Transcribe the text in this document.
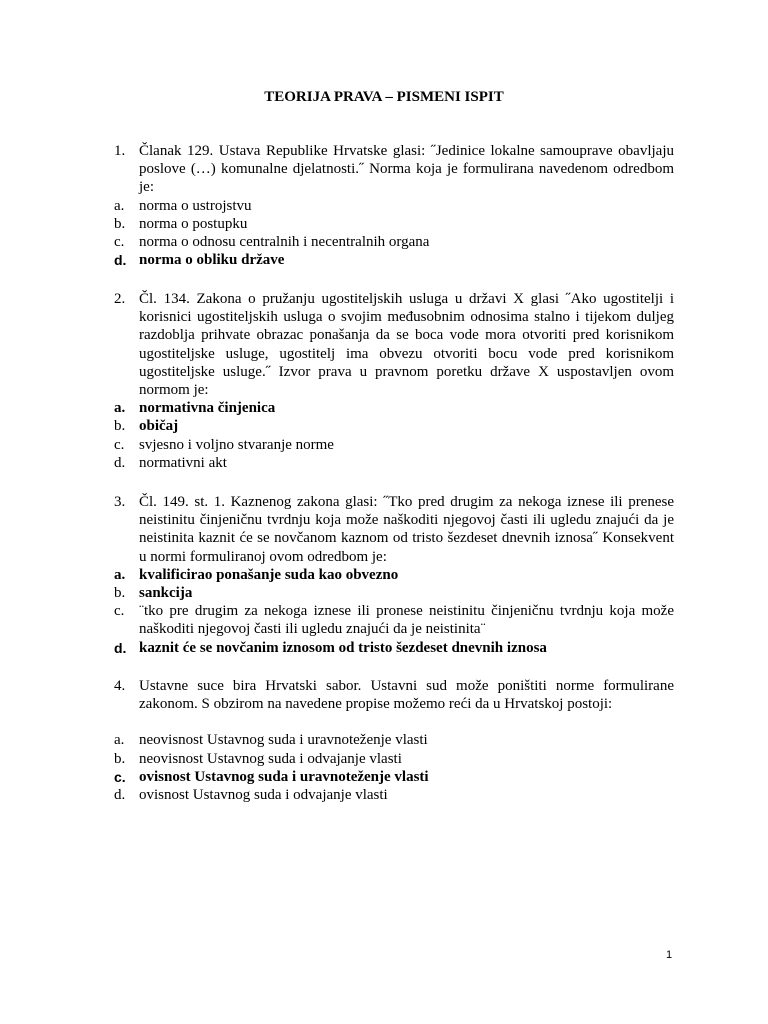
TEORIJA PRAVA – PISMENI ISPIT
1. Članak 129. Ustava Republike Hrvatske glasi: ˝Jedinice lokalne samouprave obavljaju poslove (…) komunalne djelatnosti.˝ Norma koja je formulirana navedenom odredbom je:
a. norma o ustrojstvu
b. norma o postupku
c. norma o odnosu centralnih i necentralnih organa
d. norma o obliku države
2. Čl. 134. Zakona o pružanju ugostiteljskih usluga u državi X glasi ˝Ako ugostitelji i korisnici ugostiteljskih usluga o svojim međusobnim odnosima stalno i tijekom duljeg razdoblja prihvate obrazac ponašanja da se boca vode mora otvoriti pred korisnikom ugostiteljske usluge, ugostitelj ima obvezu otvoriti bocu vode pred korisnikom ugostiteljske usluge.˝ Izvor prava u pravnom poretku države X uspostavljen ovom normom je:
a. normativna činjenica
b. običaj
c. svjesno i voljno stvaranje norme
d. normativni akt
3. Čl. 149. st. 1. Kaznenog zakona glasi: ˝Tko pred drugim za nekoga iznese ili prenese neistinitu činjeničnu tvrdnju koja može naškoditi njegovoj časti ili ugledu znajući da je neistinita kaznit će se novčanom kaznom od tristo šezdeset dnevnih iznosa˝ Konsekvent u normi formuliranoj ovom odredbom je:
a. kvalificirao ponašanje suda kao obvezno
b. sankcija
c. ¨tko pre drugim za nekoga iznese ili pronese neistinitu činjeničnu tvrdnju koja može naškoditi njegovoj časti ili ugledu znajući da je neistinita¨
d. kaznit će se novčanim iznosom od tristo šezdeset dnevnih iznosa
4. Ustavne suce bira Hrvatski sabor. Ustavni sud može poništiti norme formulirane zakonom. S obzirom na navedene propise možemo reći da u Hrvatskoj postoji:
a. neovisnost Ustavnog suda i uravnoteženje vlasti
b. neovisnost Ustavnog suda i odvajanje vlasti
c. ovisnost Ustavnog suda i uravnoteženje vlasti
d. ovisnost Ustavnog suda i odvajanje vlasti
1
